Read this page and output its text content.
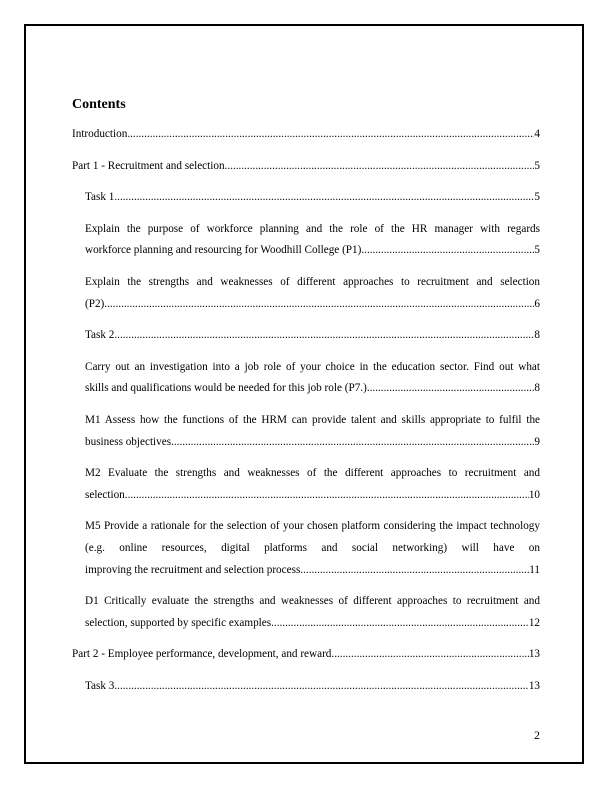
Contents
Introduction .....	4
Part 1 - Recruitment and selection .....	5
Task 1 .....	5
Explain the purpose of workforce planning and the role of the HR manager with regards
workforce planning and resourcing for Woodhill College (P1) .....	5
Explain the strengths and weaknesses of different approaches to recruitment and selection
(P2) .....	6
Task 2 .....	8
Carry out an investigation into a job role of your choice in the education sector. Find out what
skills and qualifications would be needed for this job role (P7.) .....	8
M1 Assess how the functions of the HRM can provide talent and skills appropriate to fulfil the
business objectives .....	9
M2 Evaluate the strengths and weaknesses of the different approaches to recruitment and
selection .....	10
M5 Provide a rationale for the selection of your chosen platform considering the impact technology (e.g. online resources, digital platforms and social networking) will have on
improving the recruitment and selection process .....	11
D1 Critically evaluate the strengths and weaknesses of different approaches to recruitment and
selection, supported by specific examples .....	12
Part 2 - Employee performance, development, and reward .....	13
Task 3 .....	13
2
